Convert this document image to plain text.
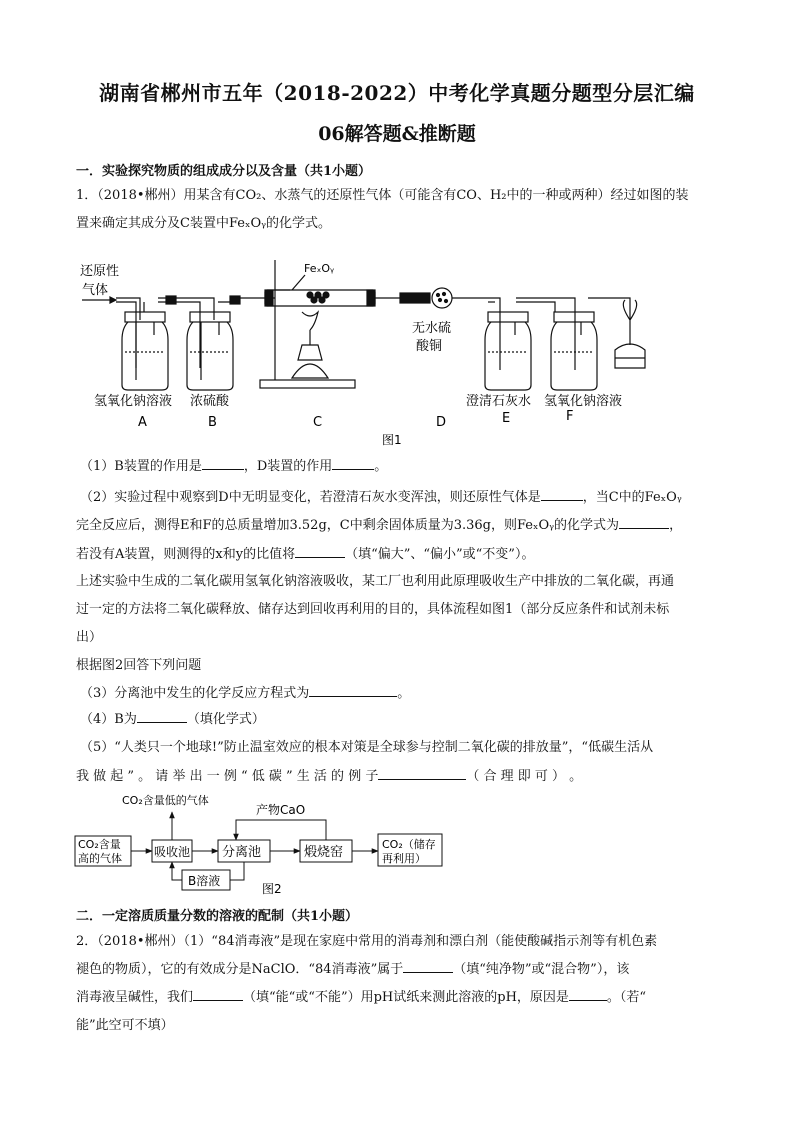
湖南省郴州市五年（2018-2022）中考化学真题分题型分层汇编
06解答题&推断题
一．实验探究物质的组成成分以及含量（共1小题）
1．（2018•郴州）用某含有CO₂、水蒸气的还原性气体（可能含有CO、H₂中的一种或两种）经过如图的装
置来确定其成分及C装置中FeₓOᵧ的化学式。
还原性
气体
FeₓOᵧ
无水硫
酸铜
氢氧化钠溶液 浓硫酸	澄清石灰水 氢氧化钠溶液
A	B	C	D	E	F
图1
（1）B装置的作用是	，D装置的作用	。
（2）实验过程中观察到D中无明显变化，若澄清石灰水变浑浊，则还原性气体是	，当C中的FeₓOᵧ
完全反应后，测得E和F的总质量增加3.52g，C中剩余固体质量为3.36g，则FeₓOᵧ的化学式为	，
若没有A装置，则测得的x和y的比值将	（填“偏大”、“偏小”或“不变”）。
上述实验中生成的二氧化碳用氢氧化钠溶液吸收，某工厂也利用此原理吸收生产中排放的二氧化碳，再通
过一定的方法将二氧化碳释放、储存达到回收再利用的目的，具体流程如图1（部分反应条件和试剂未标
出）
根据图2回答下列问题
（3）分离池中发生的化学反应方程式为	。
（4）B为	（填化学式）
（5）“人类只一个地球!”防止温室效应的根本对策是全球参与控制二氧化碳的排放量”，“低碳生活从
我 做 起 ” 。 请 举 出 一 例 “ 低 碳 ” 生 活 的 例 子	（ 合 理 即 可 ） 。
CO₂含量低的气体
产物CaO
CO₂含量
高的气体	吸收池 分离池	煅烧窑
CO₂（储存
再利用）
B溶液
图2
二．一定溶质质量分数的溶液的配制（共1小题）
2．（2018•郴州）（1）“84消毒液”是现在家庭中常用的消毒剂和漂白剂（能使酸碱指示剂等有机色素
褪色的物质），它的有效成分是NaClO．“84消毒液”属于	（填“纯净物”或“混合物”），该
消毒液呈碱性，我们	（填“能“或“不能”）用pH试纸来测此溶液的pH，原因是	。（若“
能”此空可不填）
